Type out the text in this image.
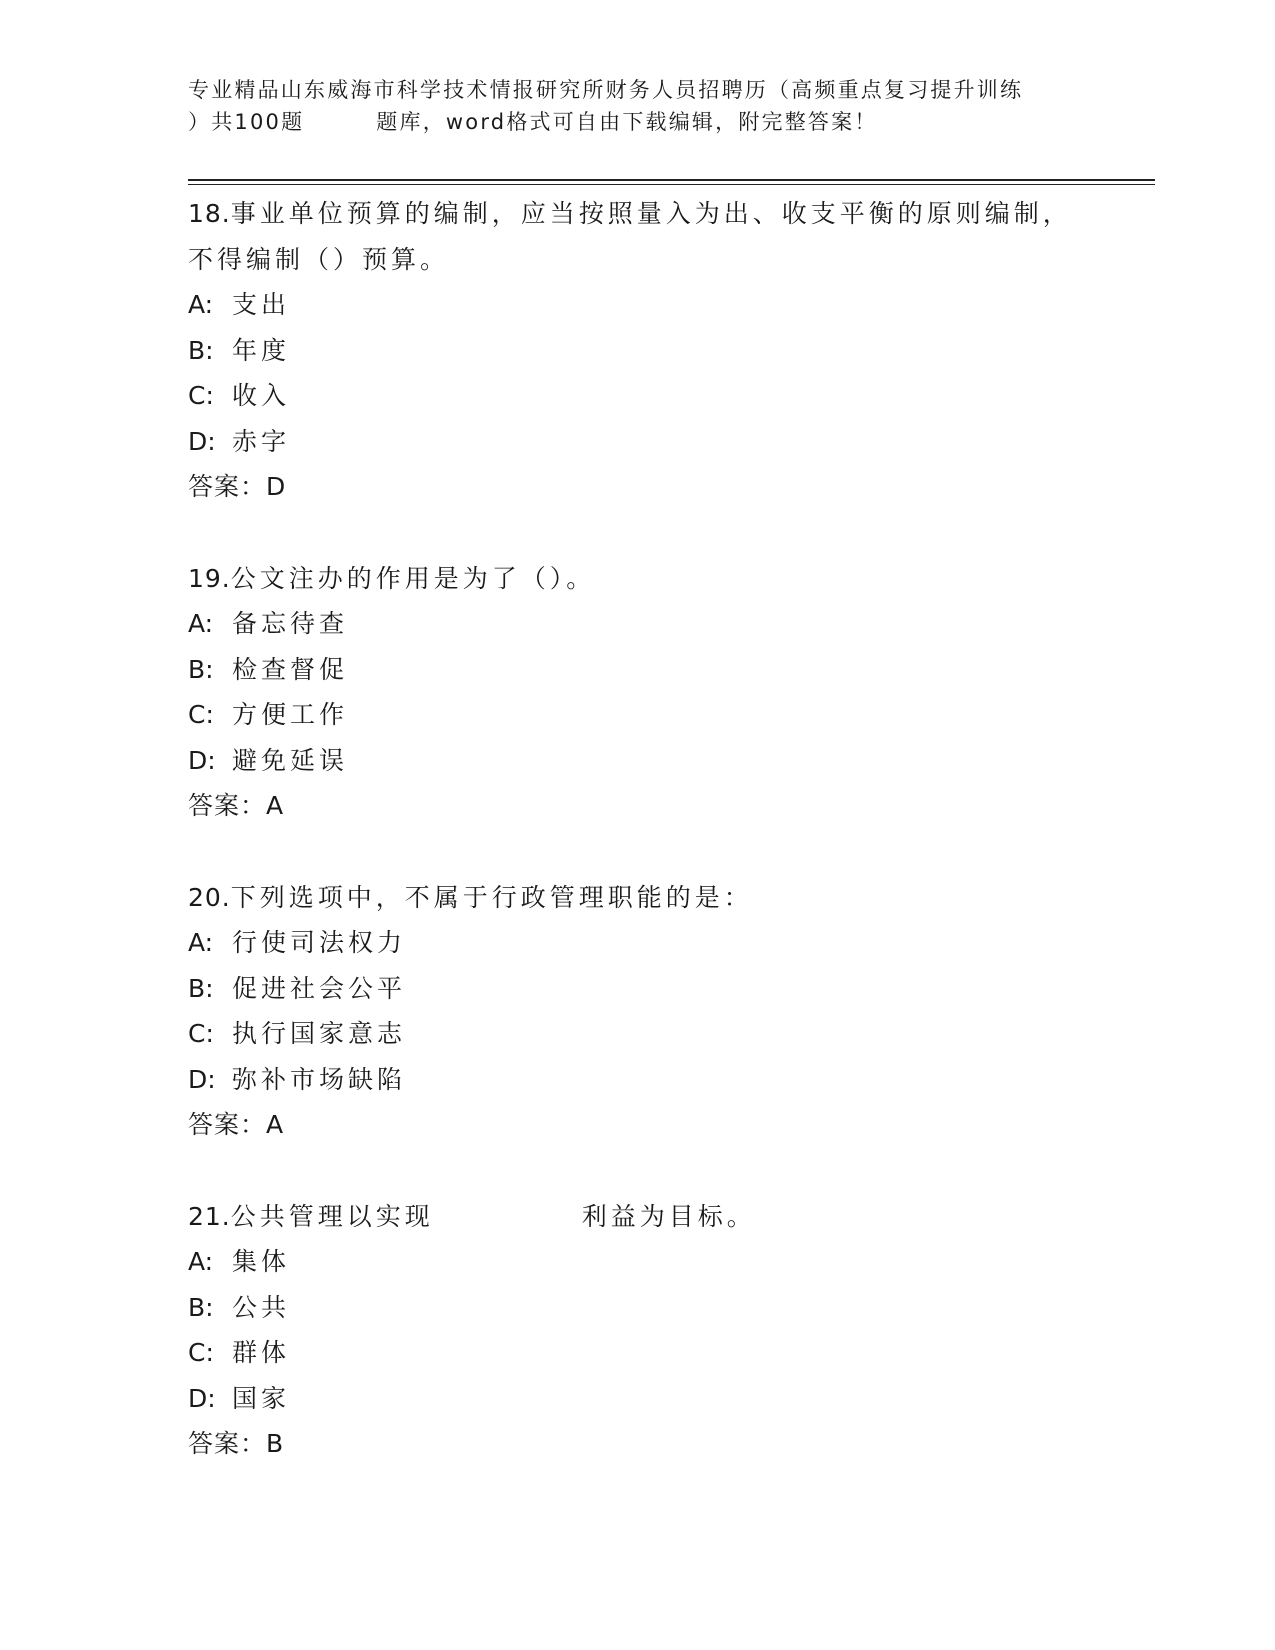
专业精品山东威海市科学技术情报研究所财务人员招聘历（高频重点复习提升训练
）共100题	题库，word格式可自由下载编辑，附完整答案！
18.事业单位预算的编制，应当按照量入为出、收支平衡的原则编制，
不得编制（）预算。
A: 支出
B: 年度
C: 收入
D: 赤字
答案：D
19.公文注办的作用是为了（）。
A: 备忘待查
B: 检查督促
C: 方便工作
D: 避免延误
答案：A
20.下列选项中，不属于行政管理职能的是：
A: 行使司法权力
B: 促进社会公平
C: 执行国家意志
D: 弥补市场缺陷
答案：A
21.公共管理以实现	利益为目标。
A: 集体
B: 公共
C: 群体
D: 国家
答案：B
